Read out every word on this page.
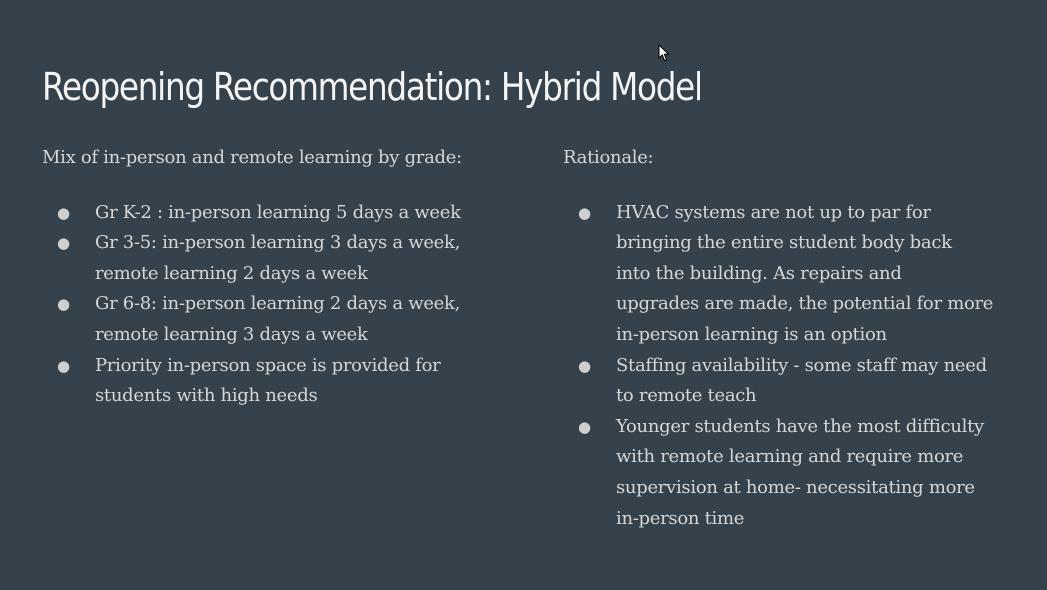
Reopening Recommendation: Hybrid Model

Mix of in-person and remote learning by grade:

● Gr K-2 : in-person learning 5 days a week
● Gr 3-5: in-person learning 3 days a week,
remote learning 2 days a week
● Gr 6-8: in-person learning 2 days a week,
remote learning 3 days a week
● Priority in-person space is provided for
students with high needs

Rationale:

● HVAC systems are not up to par for
bringing the entire student body back
into the building. As repairs and
upgrades are made, the potential for more
in-person learning is an option
● Staffing availability - some staff may need
to remote teach
● Younger students have the most difficulty
with remote learning and require more
supervision at home- necessitating more
in-person time
